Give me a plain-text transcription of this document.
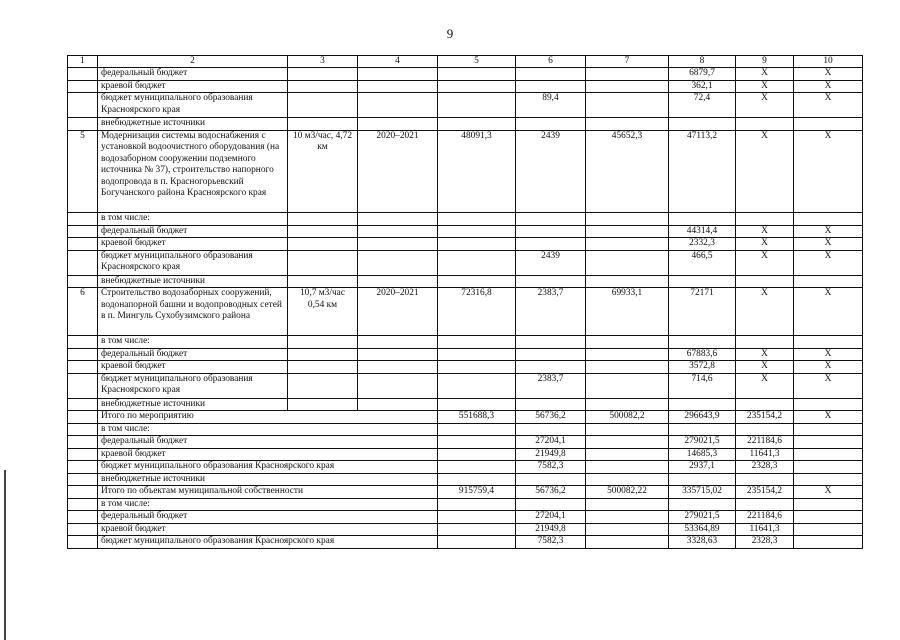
9
1	2	3	4	5	6	7	8	9	10
	федеральный бюджет						6879,7	X	X
	краевой бюджет						362,1	X	X
	бюджет муниципального образования Красноярского края				89,4		72,4	X	X
	внебюджетные источники								
5	Модернизация системы водоснабжения с установкой водоочистного оборудования (на водозаборном сооружении подземного источника № 37), строительство напорного водопровода в п. Красногорьевский Богучанского района Красноярского края	10 м3/час, 4,72 км	2020–2021	48091,3	2439	45652,3	47113,2	X	X
	в том числе:								
	федеральный бюджет						44314,4	X	X
	краевой бюджет						2332,3	X	X
	бюджет муниципального образования Красноярского края				2439		466,5	X	X
	внебюджетные источники								
6	Строительство водозаборных сооружений, водонапорной башни и водопроводных сетей в п. Мингуль Сухобузимского района	10,7 м3/час 0,54 км	2020–2021	72316,8	2383,7	69933,1	72171	X	X
	в том числе:								
	федеральный бюджет						67883,6	X	X
	краевой бюджет						3572,8	X	X
	бюджет муниципального образования Красноярского края				2383,7		714,6	X	X
	внебюджетные источники								
	Итого по мероприятию			551688,3	56736,2	500082,2	296643,9	235154,2	X
	в том числе:								
	федеральный бюджет				27204,1		279021,5	221184,6	
	краевой бюджет				21949,8		14685,3	11641,3	
	бюджет муниципального образования Красноярского края				7582,3		2937,1	2328,3	
	внебюджетные источники								
	Итого по объектам муниципальной собственности			915759,4	56736,2	500082,22	335715,02	235154,2	X
	в том числе:								
	федеральный бюджет				27204,1		279021,5	221184,6	
	краевой бюджет				21949,8		53364,89	11641,3	
	бюджет муниципального образования Красноярского края				7582,3		3328,63	2328,3	
